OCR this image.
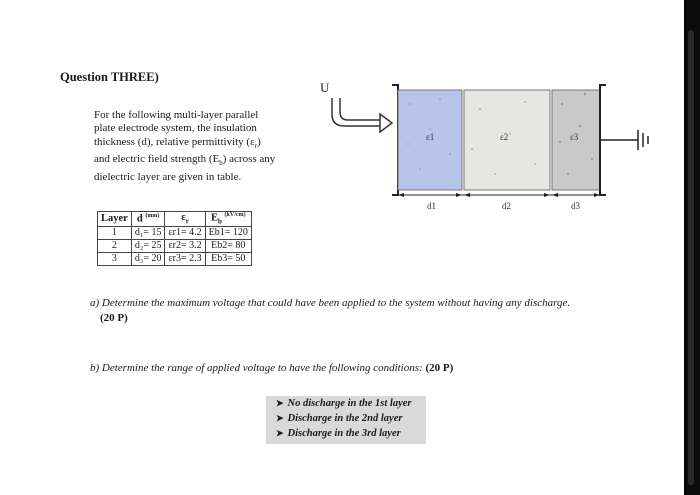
Question THREE)
For the following multi-layer parallel
plate electrode system, the insulation
thickness (d), relative permittivity $(\varepsilon_r)$
and electric field strength $(E_b)$ across any
dielectric layer are given in table.
Layer	d $^{(mm)}$	$\varepsilon_r$	$E_b$ $^{(kV/cm)}$
1	d₁= 15	εr1= 4.2	Eb1= 120
2	d₂= 25	εr2= 3.2	Eb2= 80
3	d₃= 20	εr3= 2.3	Eb3= 50
U
ε1	ε2	ε3
d1	d2	d3
a) Determine the maximum voltage that could have been applied to the system without having any discharge.
(20 P)
b) Determine the range of applied voltage to have the following conditions: (20 P)
➤ No discharge in the 1st layer
➤ Discharge in the 2nd layer
➤ Discharge in the 3rd layer
